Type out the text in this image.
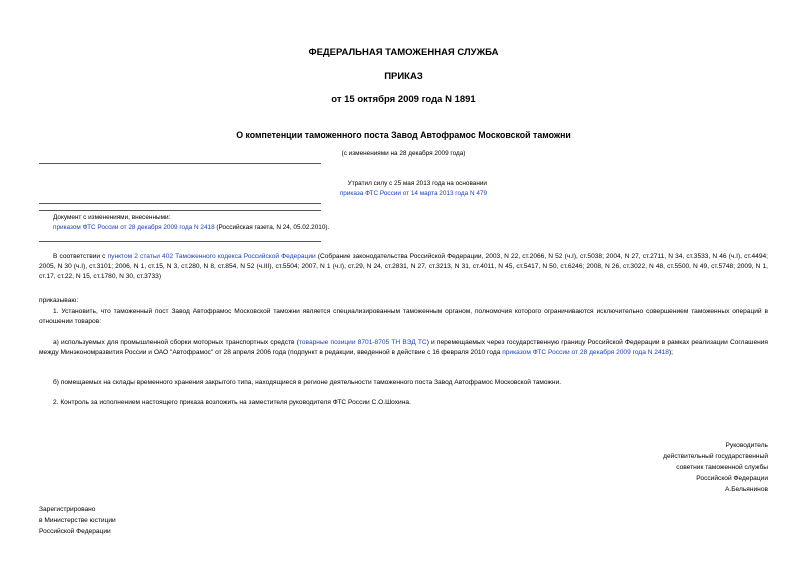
ФЕДЕРАЛЬНАЯ ТАМОЖЕННАЯ СЛУЖБА
ПРИКАЗ
от 15 октября 2009 года N 1891
О компетенции таможенного поста Завод Автофрамос Московской таможни
(с изменениями на 28 декабря 2009 года)
Утратил силу с 25 мая 2013 года на основании
приказа ФТС России от 14 марта 2013 года N 479
Документ с изменениями, внесенными:
приказом ФТС России от 28 декабря 2009 года N 2418 (Российская газета, N 24, 05.02.2010).
В соответствии с пунктом 2 статьи 402 Таможенного кодекса Российской Федерации (Собрание законодательства Российской Федерации, 2003, N 22, ст.2066, N 52 (ч.I), ст.5038; 2004, N 27, ст.2711, N 34, ст.3533, N 46 (ч.I), ст.4494; 2005, N 30 (ч.I), ст.3101; 2006, N 1, ст.15, N 3, ст.280, N 8, ст.854, N 52 (ч.III), ст.5504; 2007, N 1 (ч.I), ст.29, N 24, ст.2831, N 27, ст.3213, N 31, ст.4011, N 45, ст.5417, N 50, ст.6246; 2008, N 26, ст.3022, N 48, ст.5500, N 49, ст.5748; 2009, N 1, ст.17, ст.22, N 15, ст.1780, N 30, ст.3733)
приказываю:
1. Установить, что таможенный пост Завод Автофрамос Московской таможни является специализированным таможенным органом, полномочия которого ограничиваются исключительно совершением таможенных операций в отношении товаров:
а) используемых для промышленной сборки моторных транспортных средств (товарные позиции 8701-8705 ТН ВЭД ТС) и перемещаемых через государственную границу Российской Федерации в рамках реализации Соглашения между Минэкономразвития России и ОАО "Автофрамос" от 28 апреля 2006 года (подпункт в редакции, введенной в действие с 16 февраля 2010 года приказом ФТС России от 28 декабря 2009 года N 2418);
б) помещаемых на склады временного хранения закрытого типа, находящиеся в регионе деятельности таможенного поста Завод Автофрамос Московской таможни.
2. Контроль за исполнением настоящего приказа возложить на заместителя руководителя ФТС России С.О.Шохина.
Руководитель
действительный государственный
советник таможенной службы
Российской Федерации
А.Бельянинов
Зарегистрировано
в Министерстве юстиции
Российской Федерации
